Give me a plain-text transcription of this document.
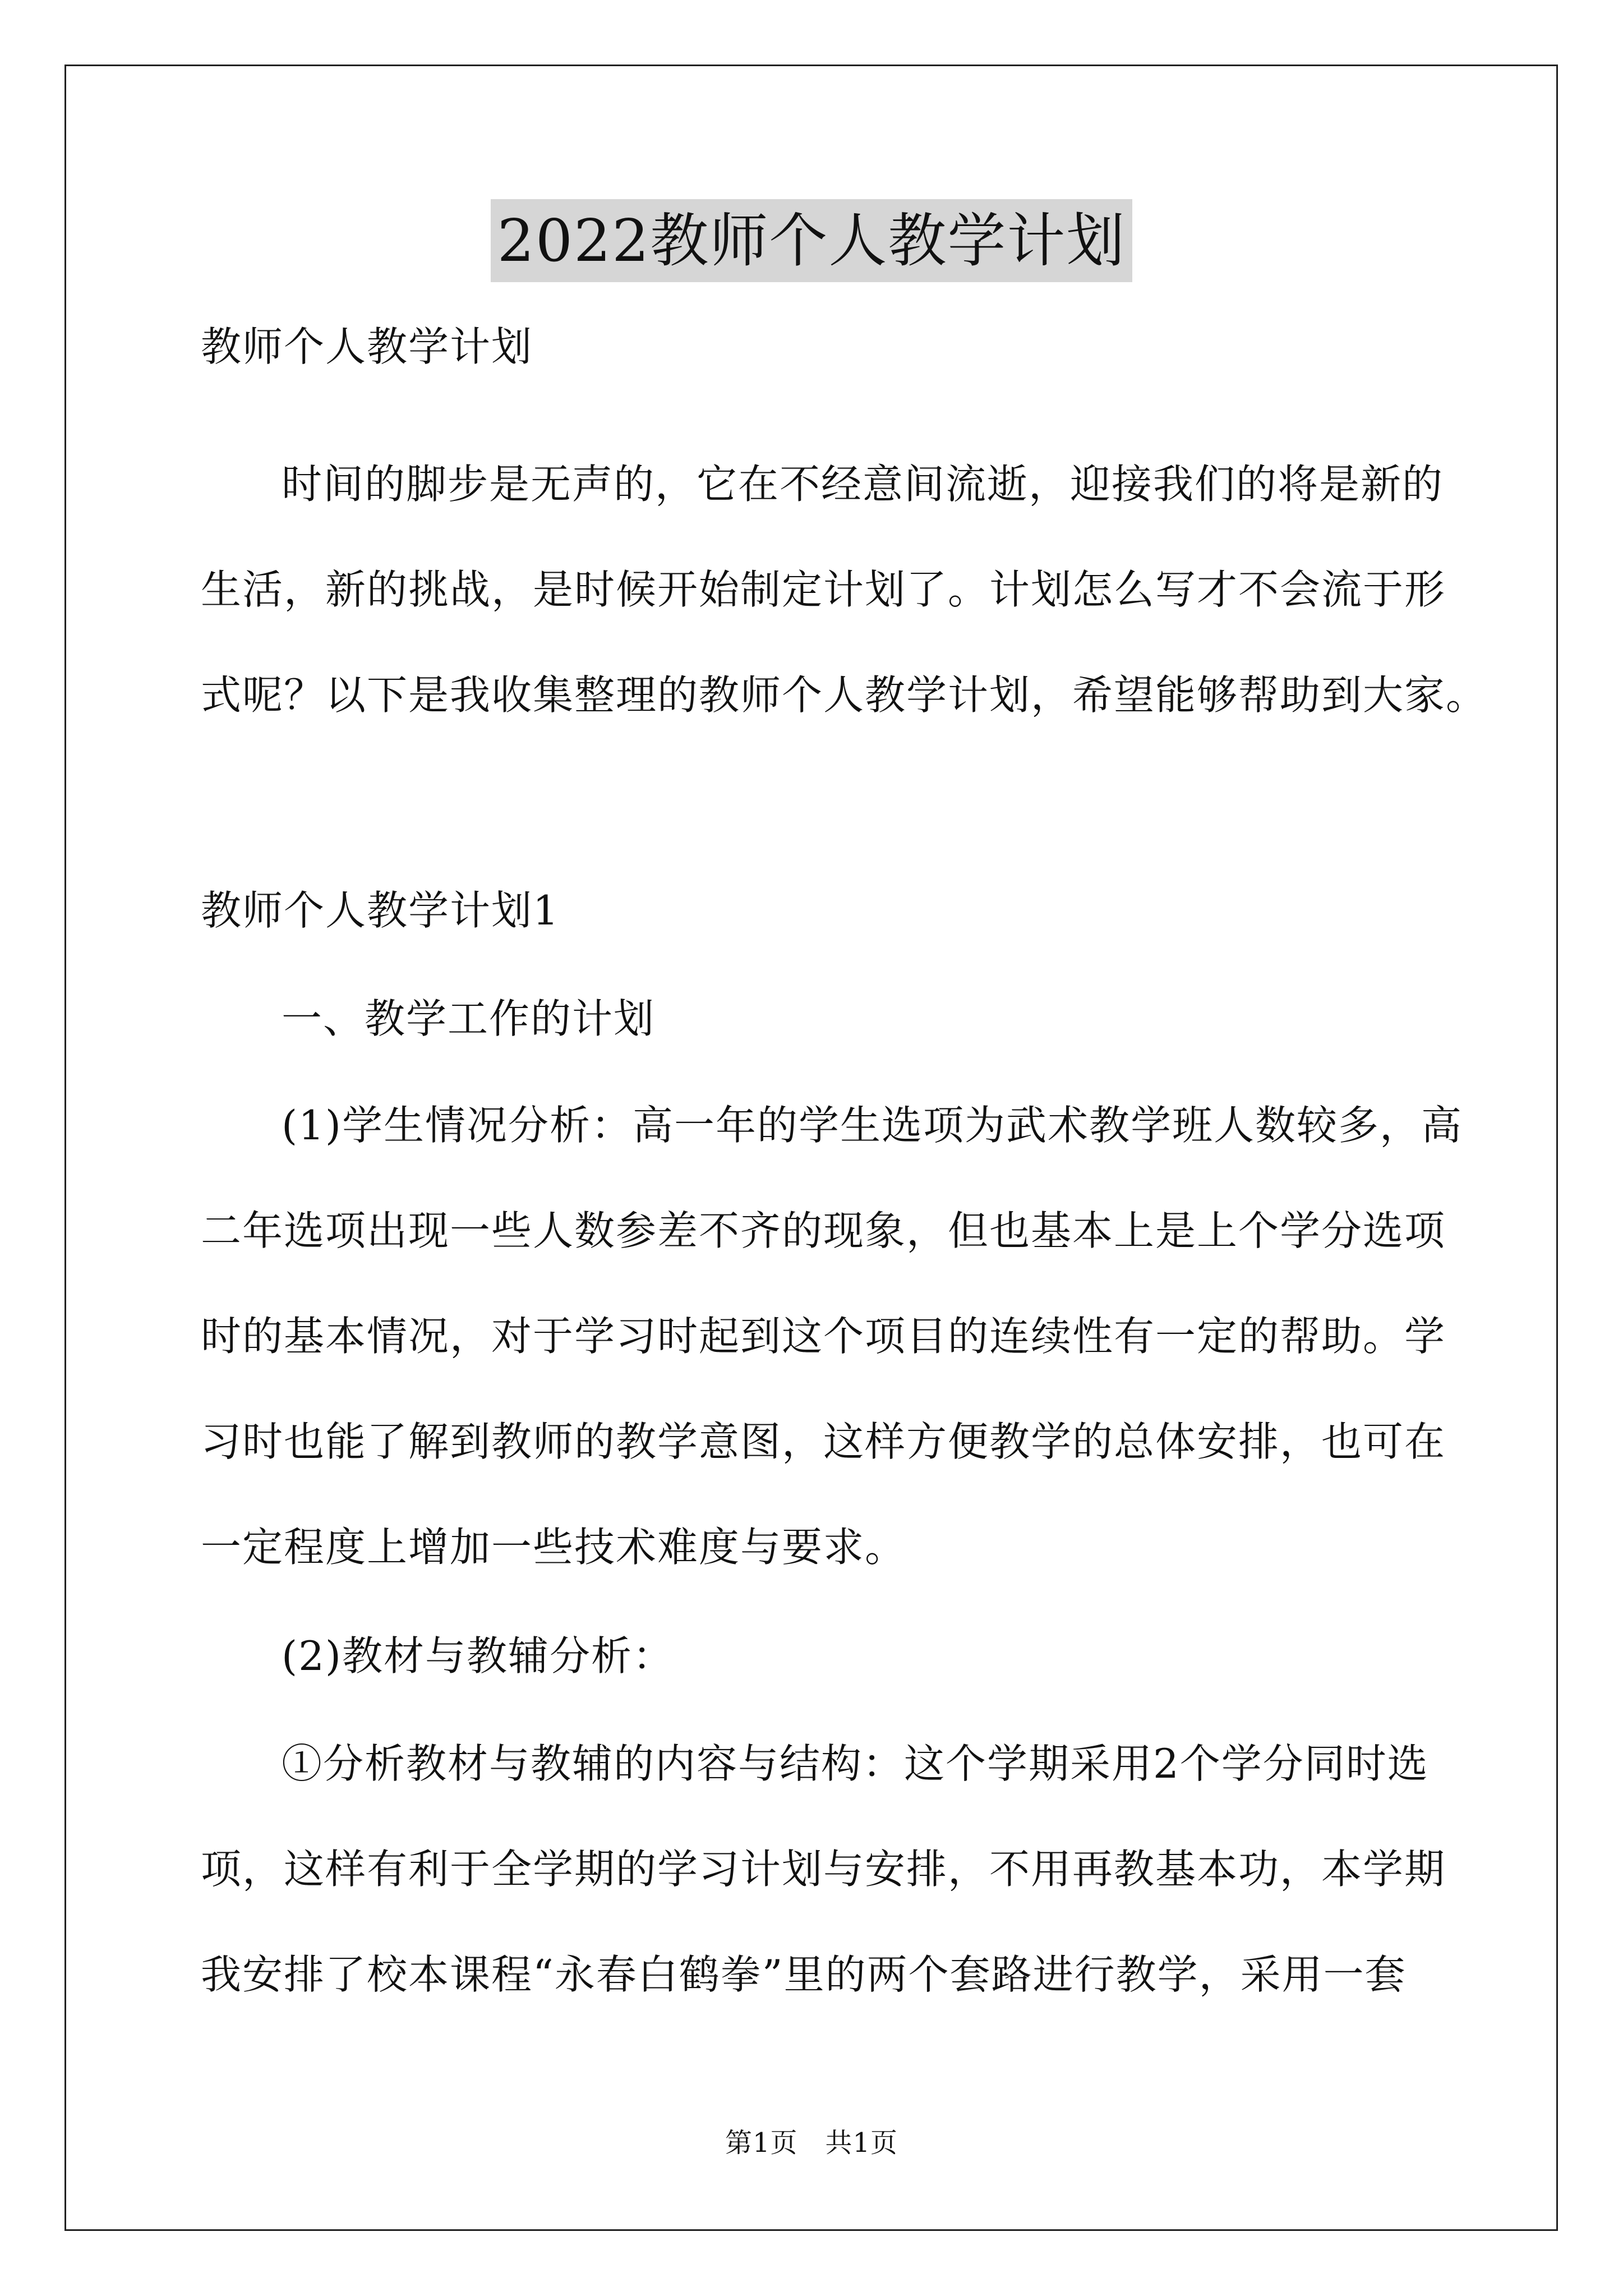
2022教师个人教学计划
教师个人教学计划
时间的脚步是无声的，它在不经意间流逝，迎接我们的将是新的
生活，新的挑战，是时候开始制定计划了。计划怎么写才不会流于形
式呢？以下是我收集整理的教师个人教学计划，希望能够帮助到大家。
教师个人教学计划1
一、教学工作的计划
(1)学生情况分析：高一年的学生选项为武术教学班人数较多，高
二年选项出现一些人数参差不齐的现象，但也基本上是上个学分选项
时的基本情况，对于学习时起到这个项目的连续性有一定的帮助。学
习时也能了解到教师的教学意图，这样方便教学的总体安排，也可在
一定程度上增加一些技术难度与要求。
(2)教材与教辅分析：
①分析教材与教辅的内容与结构：这个学期采用2个学分同时选
项，这样有利于全学期的学习计划与安排，不用再教基本功，本学期
我安排了校本课程“永春白鹤拳”里的两个套路进行教学，采用一套
第1页　共1页
